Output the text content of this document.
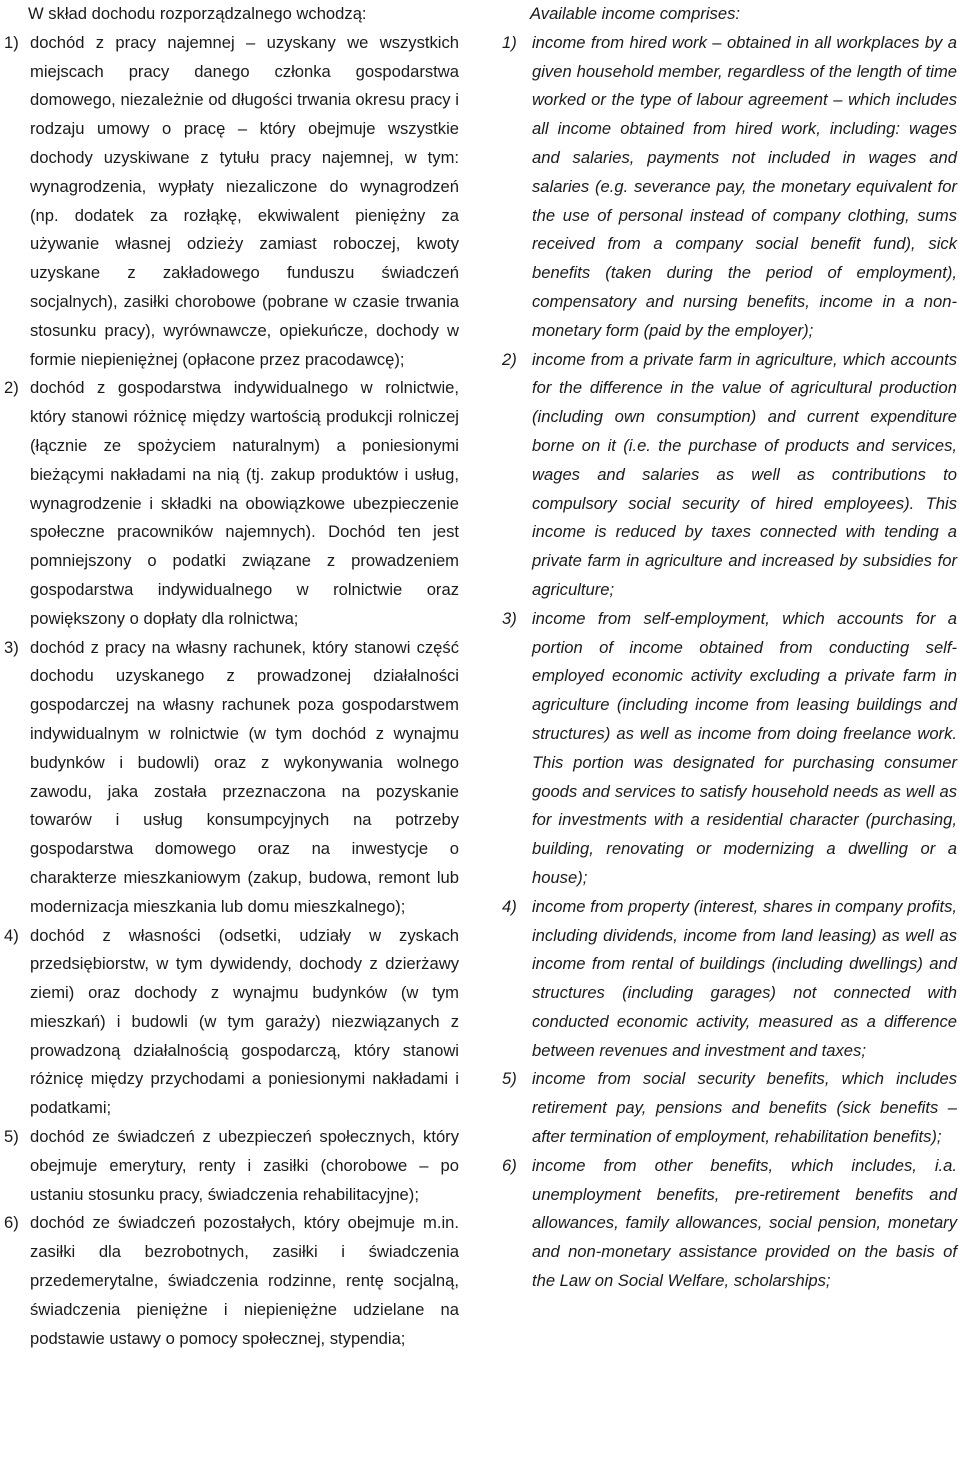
W skład dochodu rozporządzalnego wchodzą:

1) dochód z pracy najemnej – uzyskany we wszystkich miejscach pracy danego członka gospodarstwa domowego, niezależnie od długości trwania okresu pracy i rodzaju umowy o pracę – który obejmuje wszystkie dochody uzyskiwane z tytułu pracy najemnej, w tym: wynagrodzenia, wypłaty niezaliczone do wynagrodzeń (np. dodatek za rozłąkę, ekwiwalent pieniężny za używanie własnej odzieży zamiast roboczej, kwoty uzyskane z zakładowego funduszu świadczeń socjalnych), zasiłki chorobowe (pobrane w czasie trwania stosunku pracy), wyrównawcze, opiekuńcze, dochody w formie niepieniężnej (opłacone przez pracodawcę);
2) dochód z gospodarstwa indywidualnego w rolnictwie, który stanowi różnicę między wartością produkcji rolniczej (łącznie ze spożyciem naturalnym) a poniesionymi bieżącymi nakładami na nią (tj. zakup produktów i usług, wynagrodzenie i składki na obowiązkowe ubezpieczenie społeczne pracowników najemnych). Dochód ten jest pomniejszony o podatki związane z prowadzeniem gospodarstwa indywidualnego w rolnictwie oraz powiększony o dopłaty dla rolnictwa;
3) dochód z pracy na własny rachunek, który stanowi część dochodu uzyskanego z prowadzonej działalności gospodarczej na własny rachunek poza gospodarstwem indywidualnym w rolnictwie (w tym dochód z wynajmu budynków i budowli) oraz z wykonywania wolnego zawodu, jaka została przeznaczona na pozyskanie towarów i usług konsumpcyjnych na potrzeby gospodarstwa domowego oraz na inwestycje o charakterze mieszkaniowym (zakup, budowa, remont lub modernizacja mieszkania lub domu mieszkalnego);
4) dochód z własności (odsetki, udziały w zyskach przedsiębiorstw, w tym dywidendy, dochody z dzierżawy ziemi) oraz dochody z wynajmu budynków (w tym mieszkań) i budowli (w tym garaży) niezwiązanych z prowadzoną działalnością gospodarczą, który stanowi różnicę między przychodami a poniesionymi nakładami i podatkami;
5) dochód ze świadczeń z ubezpieczeń społecznych, który obejmuje emerytury, renty i zasiłki (chorobowe – po ustaniu stosunku pracy, świadczenia rehabilitacyjne);
6) dochód ze świadczeń pozostałych, który obejmuje m.in. zasiłki dla bezrobotnych, zasiłki i świadczenia przedemerytalne, świadczenia rodzinne, rentę socjalną, świadczenia pieniężne i niepieniężne udzielane na podstawie ustawy o pomocy społecznej, stypendia;

Available income comprises:

1) income from hired work – obtained in all workplaces by a given household member, regardless of the length of time worked or the type of labour agreement – which includes all income obtained from hired work, including: wages and salaries, payments not included in wages and salaries (e.g. severance pay, the monetary equivalent for the use of personal instead of company clothing, sums received from a company social benefit fund), sick benefits (taken during the period of employment), compensatory and nursing benefits, income in a non-monetary form (paid by the employer);
2) income from a private farm in agriculture, which accounts for the difference in the value of agricultural production (including own consumption) and current expenditure borne on it (i.e. the purchase of products and services, wages and salaries as well as contributions to compulsory social security of hired employees). This income is reduced by taxes connected with tending a private farm in agriculture and increased by subsidies for agriculture;
3) income from self-employment, which accounts for a portion of income obtained from conducting self-employed economic activity excluding a private farm in agriculture (including income from leasing buildings and structures) as well as income from doing freelance work. This portion was designated for purchasing consumer goods and services to satisfy household needs as well as for investments with a residential character (purchasing, building, renovating or modernizing a dwelling or a house);
4) income from property (interest, shares in company profits, including dividends, income from land leasing) as well as income from rental of buildings (including dwellings) and structures (including garages) not connected with conducted economic activity, measured as a difference between revenues and investment and taxes;
5) income from social security benefits, which includes retirement pay, pensions and benefits (sick benefits – after termination of employment, rehabilitation benefits);
6) income from other benefits, which includes, i.a. unemployment benefits, pre-retirement benefits and allowances, family allowances, social pension, monetary and non-monetary assistance provided on the basis of the Law on Social Welfare, scholarships;
